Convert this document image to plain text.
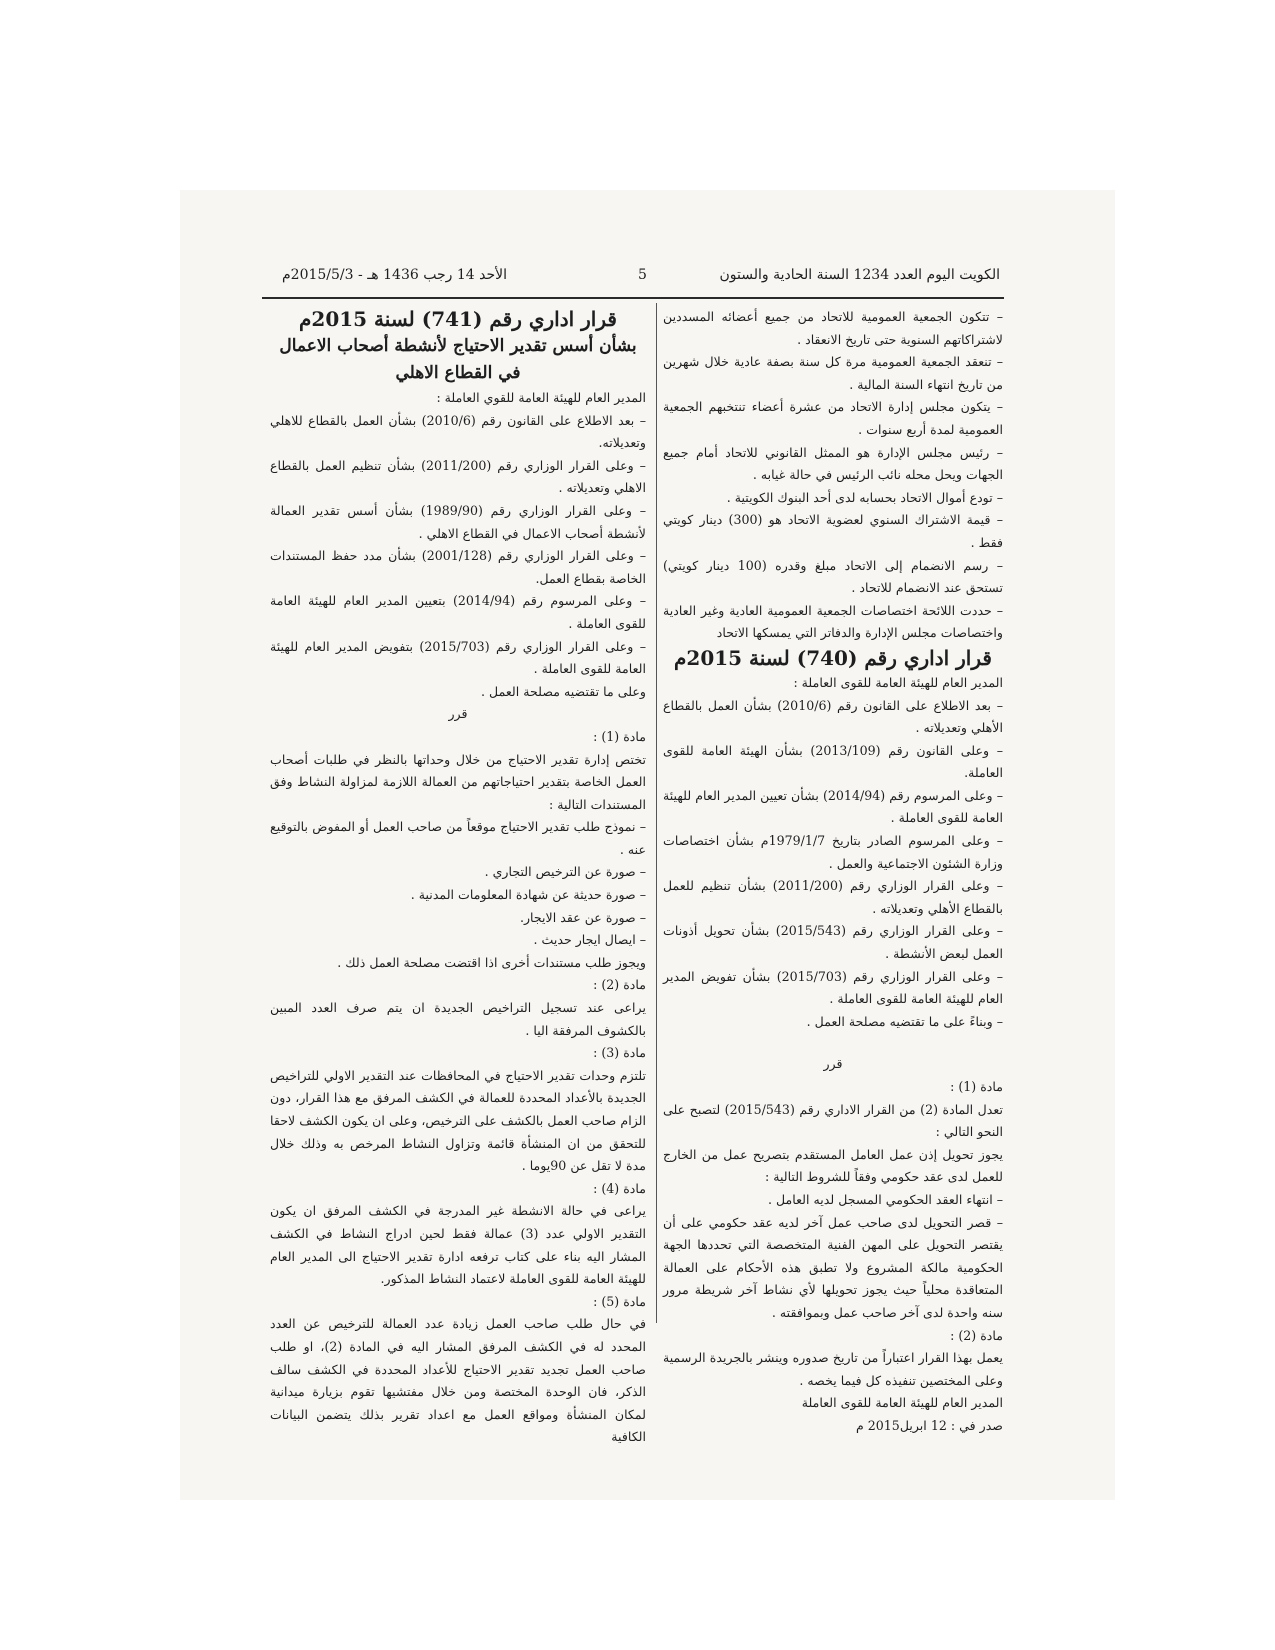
الكويت اليوم العدد 1234 السنة الحادية والستون
5
الأحد 14 رجب 1436 هـ - 2015/5/3م

– تتكون الجمعية العمومية للاتحاد من جميع أعضائه المسددين لاشتراكاتهم السنوية حتى تاريخ الانعقاد .

– تنعقد الجمعية العمومية مرة كل سنة بصفة عادية خلال شهرين من تاريخ انتهاء السنة المالية .

– يتكون مجلس إدارة الاتحاد من عشرة أعضاء تنتخبهم الجمعية العمومية لمدة أربع سنوات .

– رئيس مجلس الإدارة هو الممثل القانوني للاتحاد أمام جميع الجهات ويحل محله نائب الرئيس في حالة غيابه .

– تودع أموال الاتحاد بحسابه لدى أحد البنوك الكويتية .

– قيمة الاشتراك السنوي لعضوية الاتحاد هو (300) دينار كويتي فقط .

– رسم الانضمام إلى الاتحاد مبلغ وقدره (100 دينار كويتي) تستحق عند الانضمام للاتحاد .

– حددت اللائحة اختصاصات الجمعية العمومية العادية وغير العادية واختصاصات مجلس الإدارة والدفاتر التي يمسكها الاتحاد

قرار اداري رقم (740) لسنة 2015م

المدير العام للهيئة العامة للقوى العاملة :

– بعد الاطلاع على القانون رقم (2010/6) بشأن العمل بالقطاع الأهلي وتعديلاته .

– وعلى القانون رقم (2013/109) بشأن الهيئة العامة للقوى العاملة.

– وعلى المرسوم رقم (2014/94) بشأن تعيين المدير العام للهيئة العامة للقوى العاملة .

– وعلى المرسوم الصادر بتاريخ 1979/1/7م بشأن اختصاصات وزارة الشئون الاجتماعية والعمل .

– وعلى القرار الوزاري رقم (2011/200) بشأن تنظيم للعمل بالقطاع الأهلي وتعديلاته .

– وعلى القرار الوزاري رقم (2015/543) بشأن تحويل أذونات العمل لبعض الأنشطة .

– وعلى القرار الوزاري رقم (2015/703) بشأن تفويض المدير العام للهيئة العامة للقوى العاملة .

– وبناءً على ما تقتضيه مصلحة العمل .

قرر

مادة (1) :

تعدل المادة (2) من القرار الاداري رقم (2015/543) لتصبح على النحو التالي :

يجوز تحويل إذن عمل العامل المستقدم بتصريح عمل من الخارج للعمل لدى عقد حكومي وفقاً للشروط التالية :

– انتهاء العقد الحكومي المسجل لديه العامل .

– قصر التحويل لدى صاحب عمل آخر لديه عقد حكومي على أن يقتصر التحويل على المهن الفنية المتخصصة التي تحددها الجهة الحكومية مالكة المشروع ولا تطبق هذه الأحكام على العمالة المتعاقدة محلياً حيث يجوز تحويلها لأي نشاط آخر شريطة مرور سنه واحدة لدى آخر صاحب عمل وبموافقته .

مادة (2) :

يعمل بهذا القرار اعتباراً من تاريخ صدوره وينشر بالجريدة الرسمية وعلى المختصين تنفيذه كل فيما يخصه .

المدير العام للهيئة العامة للقوى العاملة

صدر في : 12 ابريل2015 م

قرار اداري رقم (741) لسنة 2015م

بشأن أسس تقدير الاحتياج لأنشطة أصحاب الاعمال في القطاع الاهلي

المدير العام للهيئة العامة للقوي العاملة :

– بعد الاطلاع على القانون رقم (2010/6) بشأن العمل بالقطاع للاهلي وتعديلاته.

– وعلى القرار الوزاري رقم (2011/200) بشأن تنظيم العمل بالقطاع الاهلي وتعديلاته .

– وعلى القرار الوزاري رقم (1989/90) بشأن أسس تقدير العمالة لأنشطة أصحاب الاعمال في القطاع الاهلي .

– وعلى القرار الوزاري رقم (2001/128) بشأن مدد حفظ المستندات الخاصة بقطاع العمل.

– وعلى المرسوم رقم (2014/94) بتعيين المدير العام للهيئة العامة للقوى العاملة .

– وعلى القرار الوزاري رقم (2015/703) بتفويض المدير العام للهيئة العامة للقوى العاملة .

وعلى ما تقتضيه مصلحة العمل .

قرر

مادة (1) :

تختص إدارة تقدير الاحتياج من خلال وحداتها بالنظر في طلبات أصحاب العمل الخاصة بتقدير احتياجاتهم من العمالة اللازمة لمزاولة النشاط وفق المستندات التالية :

– نموذج طلب تقدير الاحتياج موقعاً من صاحب العمل أو المفوض بالتوقيع عنه .

– صورة عن الترخيص التجاري .

– صورة حديثة عن شهادة المعلومات المدنية .

– صورة عن عقد الايجار.

– ايصال ايجار حديث .

ويجوز طلب مستندات أخرى اذا اقتضت مصلحة العمل ذلك .

مادة (2) :

يراعى عند تسجيل التراخيص الجديدة ان يتم صرف العدد المبين بالكشوف المرفقة اليا .

مادة (3) :

تلتزم وحدات تقدير الاحتياج في المحافظات عند التقدير الاولي للتراخيص الجديدة بالأعداد المحددة للعمالة في الكشف المرفق مع هذا القرار، دون الزام صاحب العمل بالكشف على الترخيص، وعلى ان يكون الكشف لاحقا للتحقق من ان المنشأة قائمة وتزاول النشاط المرخص به وذلك خلال مدة لا تقل عن 90يوما .

مادة (4) :

يراعى في حالة الانشطة غير المدرجة في الكشف المرفق ان يكون التقدير الاولي عدد (3) عمالة فقط لحين ادراج النشاط في الكشف المشار اليه بناء على كتاب ترفعه ادارة تقدير الاحتياج الى المدير العام للهيئة العامة للقوى العاملة لاعتماد النشاط المذكور.

مادة (5) :

في حال طلب صاحب العمل زيادة عدد العمالة للترخيص عن العدد المحدد له في الكشف المرفق المشار اليه في المادة (2)، او طلب صاحب العمل تجديد تقدير الاحتياج للأعداد المحددة في الكشف سالف الذكر، فان الوحدة المختصة ومن خلال مفتشيها تقوم بزيارة ميدانية لمكان المنشأة ومواقع العمل مع اعداد تقرير بذلك يتضمن البيانات الكافية
